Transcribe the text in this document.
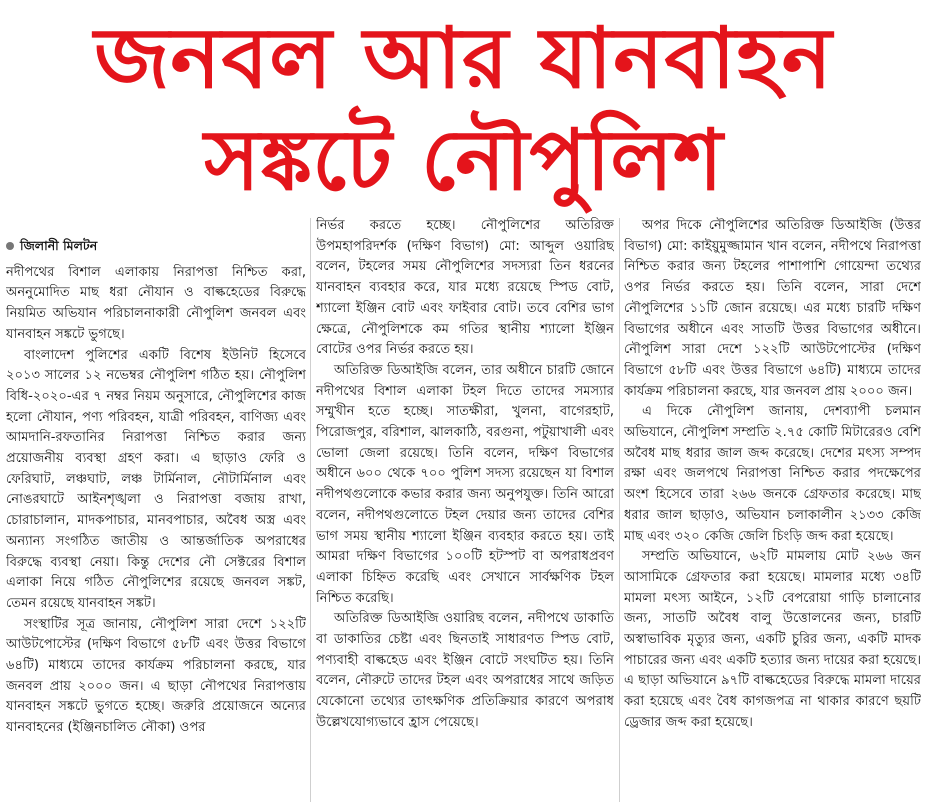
জনবল আর যানবাহন
সঙ্কটে নৌপুলিশ
জিলানী মিলটন

নদীপথের বিশাল এলাকায় নিরাপত্তা নিশ্চিত করা, অননুমোদিত মাছ ধরা নৌযান ও বাল্কহেডের বিরুদ্ধে নিয়মিত অভিযান পরিচালনাকারী নৌপুলিশ জনবল এবং যানবাহন সঙ্কটে ভুগছে।

বাংলাদেশ পুলিশের একটি বিশেষ ইউনিট হিসেবে ২০১৩ সালের ১২ নভেম্বর নৌপুলিশ গঠিত হয়। নৌপুলিশ বিধি-২০২০-এর ৭ নম্বর নিয়ম অনুসারে, নৌপুলিশের কাজ হলো নৌযান, পণ্য পরিবহন, যাত্রী পরিবহন, বাণিজ্য এবং আমদানি-রফতানির নিরাপত্তা নিশ্চিত করার জন্য প্রয়োজনীয় ব্যবস্থা গ্রহণ করা। এ ছাড়াও ফেরি ও ফেরিঘাট, লঞ্চঘাট, লঞ্চ টার্মিনাল, নৌটার্মিনাল এবং নোঙরঘাটে আইনশৃঙ্খলা ও নিরাপত্তা বজায় রাখা, চোরাচালান, মাদকপাচার, মানবপাচার, অবৈধ অস্ত্র এবং অন্যান্য সংগঠিত জাতীয় ও আন্তর্জাতিক অপরাধের বিরুদ্ধে ব্যবস্থা নেয়া। কিন্তু দেশের নৌ সেক্টরের বিশাল এলাকা নিয়ে গঠিত নৌপুলিশের রয়েছে জনবল সঙ্কট, তেমন রয়েছে যানবাহন সঙ্কট।

সংস্থাটির সূত্র জানায়, নৌপুলিশ সারা দেশে ১২২টি আউটপোস্টের (দক্ষিণ বিভাগে ৫৮টি এবং উত্তর বিভাগে ৬৪টি) মাধ্যমে তাদের কার্যক্রম পরিচালনা করছে, যার জনবল প্রায় ২০০০ জন। এ ছাড়া নৌপথের নিরাপত্তায় যানবাহন সঙ্কটে ভুগতে হচ্ছে। জরুরি প্রয়োজনে অন্যের যানবাহনের (ইঞ্জিনচালিত নৌকা) ওপর

নির্ভর করতে হচ্ছে। নৌপুলিশের অতিরিক্ত উপমহাপরিদর্শক (দক্ষিণ বিভাগ) মো: আব্দুল ওয়ারিছ বলেন, টহলের সময় নৌপুলিশের সদস্যরা তিন ধরনের যানবাহন ব্যবহার করে, যার মধ্যে রয়েছে স্পিড বোট, শ্যালো ইঞ্জিন বোট এবং ফাইবার বোট। তবে বেশির ভাগ ক্ষেত্রে, নৌপুলিশকে কম গতির স্থানীয় শ্যালো ইঞ্জিন বোটের ওপর নির্ভর করতে হয়।

অতিরিক্ত ডিআইজি বলেন, তার অধীনে চারটি জোনে নদীপথের বিশাল এলাকা টহল দিতে তাদের সমস্যার সম্মুখীন হতে হচ্ছে। সাতক্ষীরা, খুলনা, বাগেরহাট, পিরোজপুর, বরিশাল, ঝালকাঠি, বরগুনা, পটুয়াখালী এবং ভোলা জেলা রয়েছে। তিনি বলেন, দক্ষিণ বিভাগের অধীনে ৬০০ থেকে ৭০০ পুলিশ সদস্য রয়েছেন যা বিশাল নদীপথগুলোকে কভার করার জন্য অনুপযুক্ত। তিনি আরো বলেন, নদীপথগুলোতে টহল দেয়ার জন্য তাদের বেশির ভাগ সময় স্থানীয় শ্যালো ইঞ্জিন ব্যবহার করতে হয়। তাই আমরা দক্ষিণ বিভাগের ১০০টি হটস্পট বা অপরাধপ্রবণ এলাকা চিহ্নিত করেছি এবং সেখানে সার্বক্ষণিক টহল নিশ্চিত করেছি।

অতিরিক্ত ডিআইজি ওয়ারিছ বলেন, নদীপথে ডাকাতি বা ডাকাতির চেষ্টা এবং ছিনতাই সাধারণত স্পিড বোট, পণ্যবাহী বাল্কহেড এবং ইঞ্জিন বোটে সংঘটিত হয়। তিনি বলেন, নৌরুটে তাদের টহল এবং অপরাধের সাথে জড়িত যেকোনো তথ্যের তাৎক্ষণিক প্রতিক্রিয়ার কারণে অপরাধ উল্লেখযোগ্যভাবে হ্রাস পেয়েছে।

অপর দিকে নৌপুলিশের অতিরিক্ত ডিআইজি (উত্তর বিভাগ) মো: কাইয়ুমুজ্জামান খান বলেন, নদীপথে নিরাপত্তা নিশ্চিত করার জন্য টহলের পাশাপাশি গোয়েন্দা তথ্যের ওপর নির্ভর করতে হয়। তিনি বলেন, সারা দেশে নৌপুলিশের ১১টি জোন রয়েছে। এর মধ্যে চারটি দক্ষিণ বিভাগের অধীনে এবং সাতটি উত্তর বিভাগের অধীনে। নৌপুলিশ সারা দেশে ১২২টি আউটপোস্টের (দক্ষিণ বিভাগে ৫৮টি এবং উত্তর বিভাগে ৬৪টি) মাধ্যমে তাদের কার্যক্রম পরিচালনা করছে, যার জনবল প্রায় ২০০০ জন।

এ দিকে নৌপুলিশ জানায়, দেশব্যাপী চলমান অভিযানে, নৌপুলিশ সম্প্রতি ২.৭৫ কোটি মিটারেরও বেশি অবৈধ মাছ ধরার জাল জব্দ করেছে। দেশের মৎস্য সম্পদ রক্ষা এবং জলপথে নিরাপত্তা নিশ্চিত করার পদক্ষেপের অংশ হিসেবে তারা ২৬৬ জনকে গ্রেফতার করেছে। মাছ ধরার জাল ছাড়াও, অভিযান চলাকালীন ২১৩৩ কেজি মাছ এবং ৩২০ কেজি জেলি চিংড়ি জব্দ করা হয়েছে।

সম্প্রতি অভিযানে, ৬২টি মামলায় মোট ২৬৬ জন আসামিকে গ্রেফতার করা হয়েছে। মামলার মধ্যে ৩৪টি মামলা মৎস্য আইনে, ১২টি বেপরোয়া গাড়ি চালানোর জন্য, সাতটি অবৈধ বালু উত্তোলনের জন্য, চারটি অস্বাভাবিক মৃত্যুর জন্য, একটি চুরির জন্য, একটি মাদক পাচারের জন্য এবং একটি হত্যার জন্য দায়ের করা হয়েছে। এ ছাড়া অভিযানে ৯৭টি বাল্কহেডের বিরুদ্ধে মামলা দায়ের করা হয়েছে এবং বৈধ কাগজপত্র না থাকার কারণে ছয়টি ড্রেজার জব্দ করা হয়েছে।
